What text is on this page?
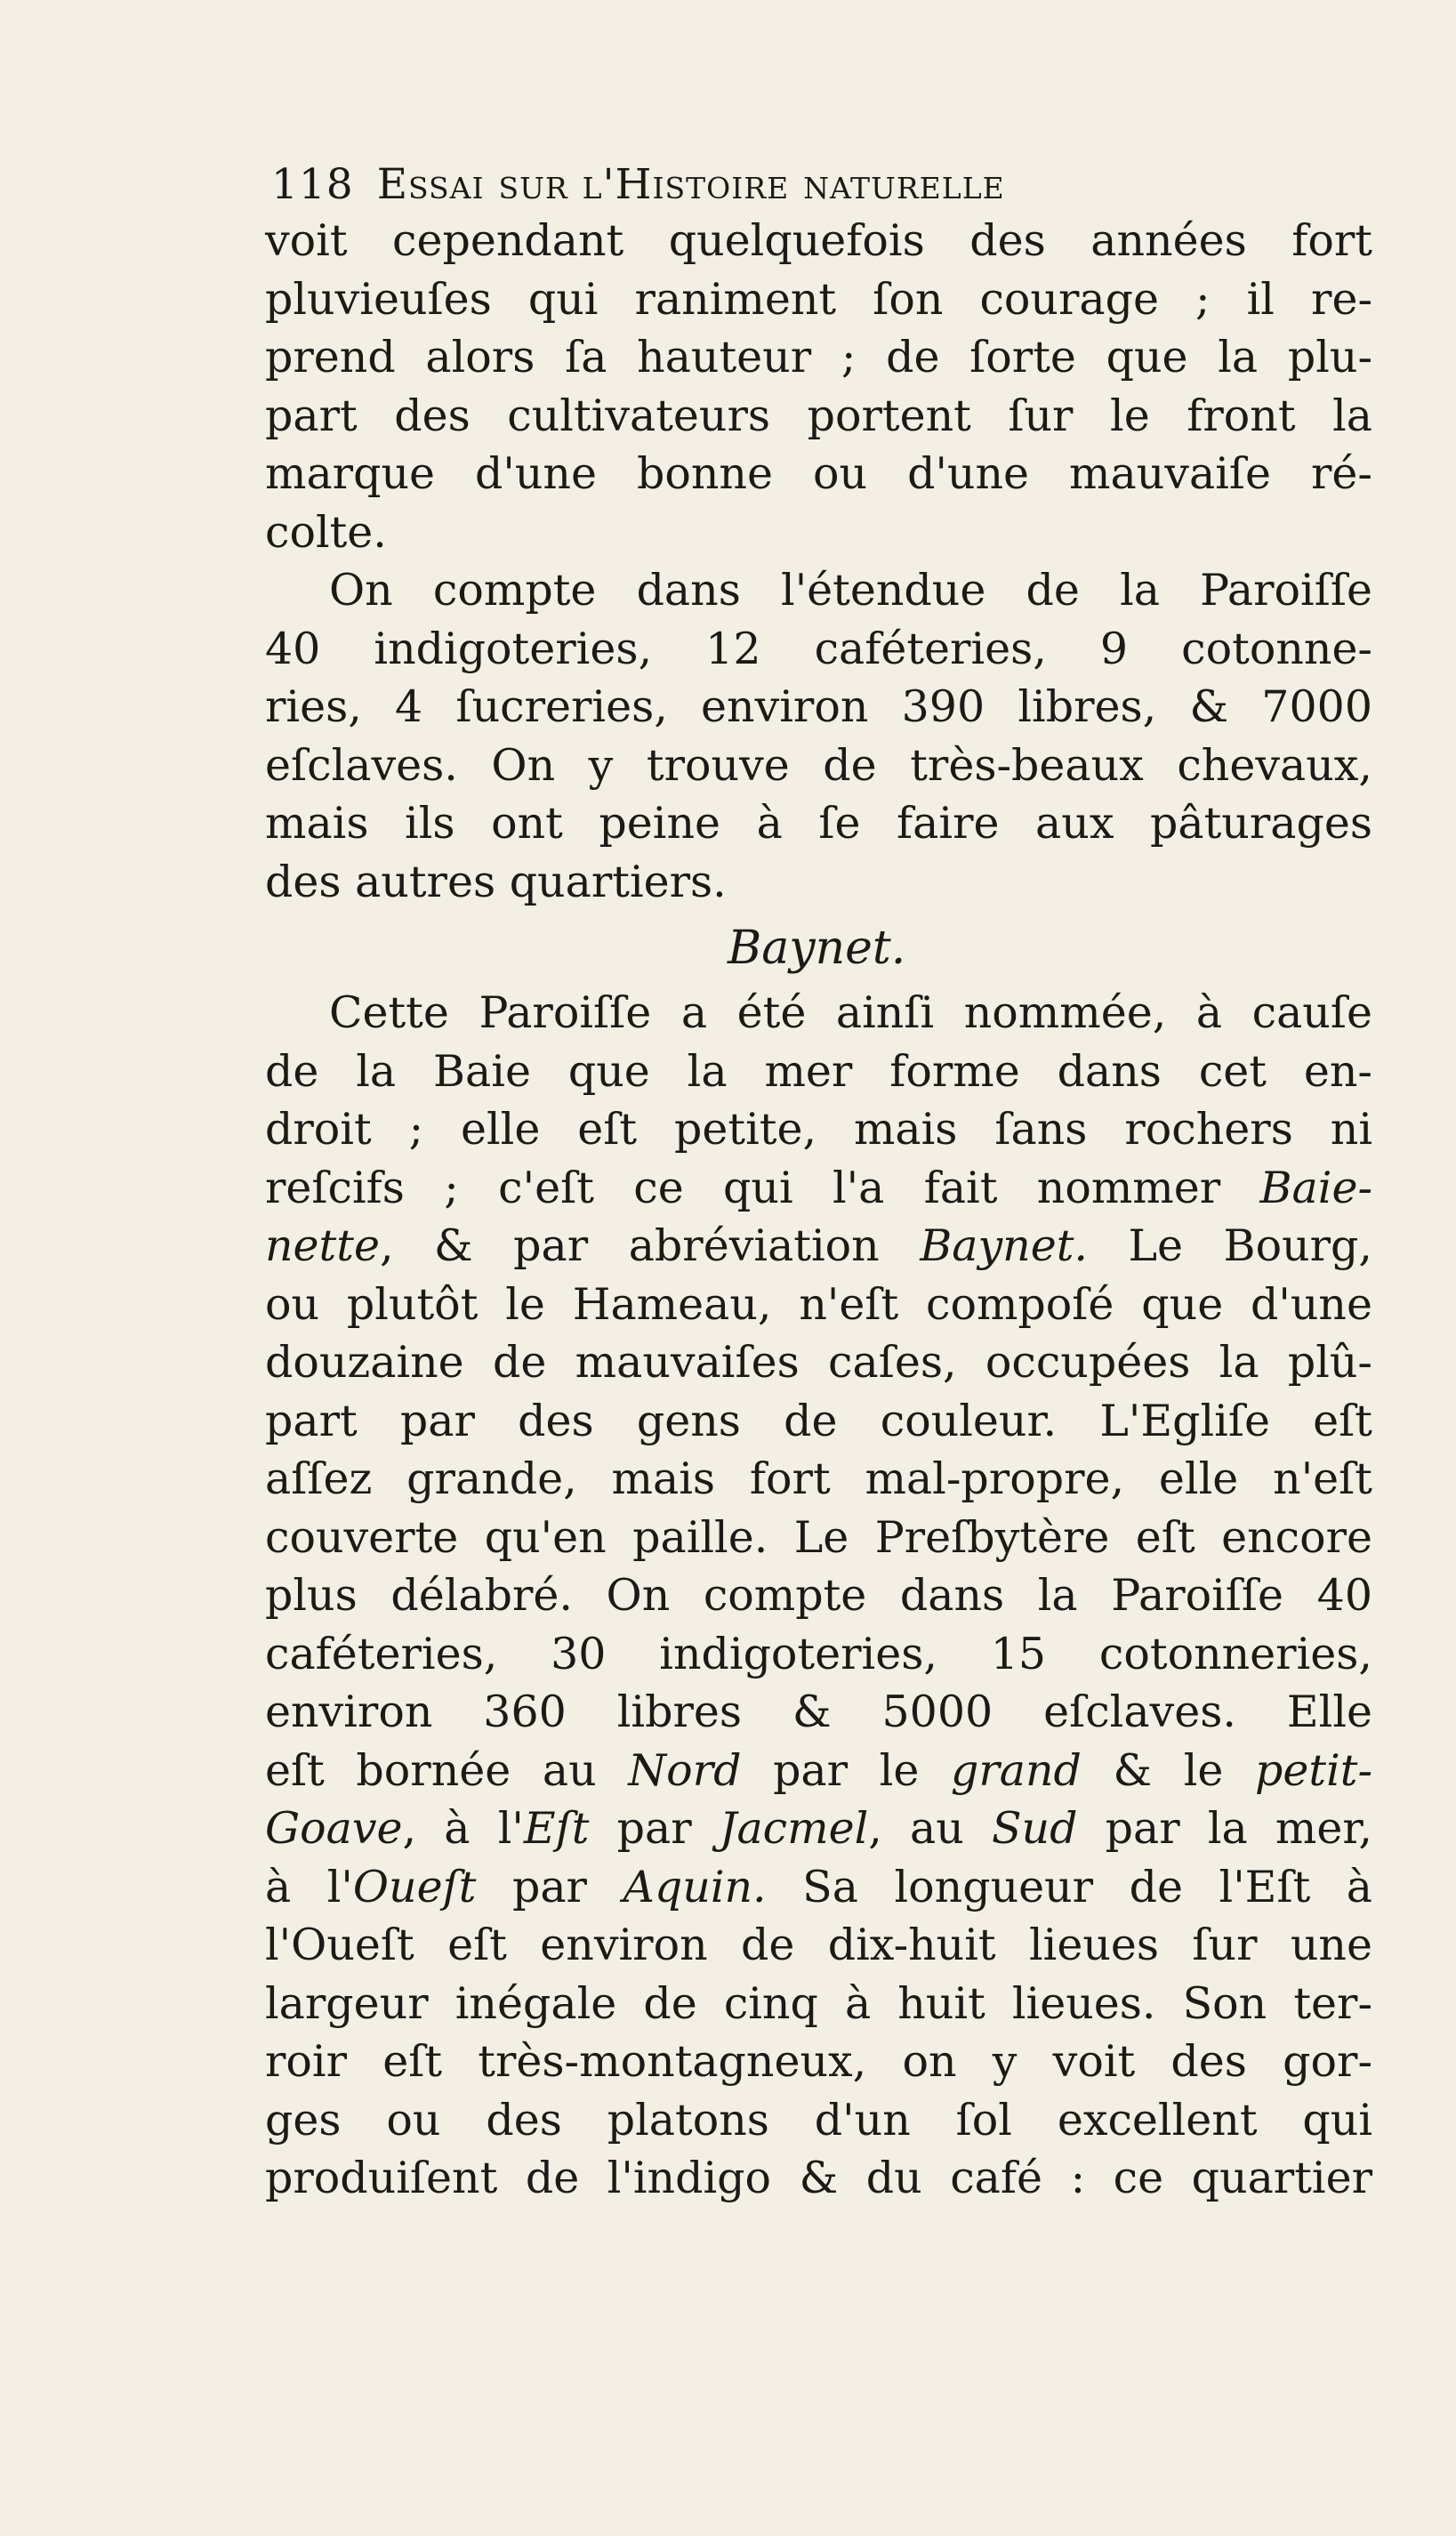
118 Essai sur l'Histoire naturelle
voit cependant quelquefois des années fort
pluvieuſes qui raniment ſon courage ; il re-
prend alors ſa hauteur ; de ſorte que la plu-
part des cultivateurs portent ſur le front la
marque d'une bonne ou d'une mauvaiſe ré-
colte.
On compte dans l'étendue de la Paroiſſe
40 indigoteries, 12 caféteries, 9 cotonne-
ries, 4 ſucreries, environ 390 libres, & 7000
eſclaves. On y trouve de très-beaux chevaux,
mais ils ont peine à ſe faire aux pâturages
des autres quartiers.
Baynet.
Cette Paroiſſe a été ainſi nommée, à cauſe
de la Baie que la mer forme dans cet en-
droit ; elle eſt petite, mais ſans rochers ni
reſcifs ; c'eſt ce qui l'a fait nommer Baie-
nette, & par abréviation Baynet. Le Bourg,
ou plutôt le Hameau, n'eſt compoſé que d'une
douzaine de mauvaiſes caſes, occupées la plû-
part par des gens de couleur. L'Egliſe eſt
aſſez grande, mais fort mal-propre, elle n'eſt
couverte qu'en paille. Le Preſbytère eſt encore
plus délabré. On compte dans la Paroiſſe 40
caféteries, 30 indigoteries, 15 cotonneries,
environ 360 libres & 5000 eſclaves. Elle
eſt bornée au Nord par le grand & le petit-
Goave, à l'Eſt par Jacmel, au Sud par la mer,
à l'Oueſt par Aquin. Sa longueur de l'Eſt à
l'Oueſt eſt environ de dix-huit lieues ſur une
largeur inégale de cinq à huit lieues. Son ter-
roir eſt très-montagneux, on y voit des gor-
ges ou des platons d'un ſol excellent qui
produiſent de l'indigo & du café : ce quartier
